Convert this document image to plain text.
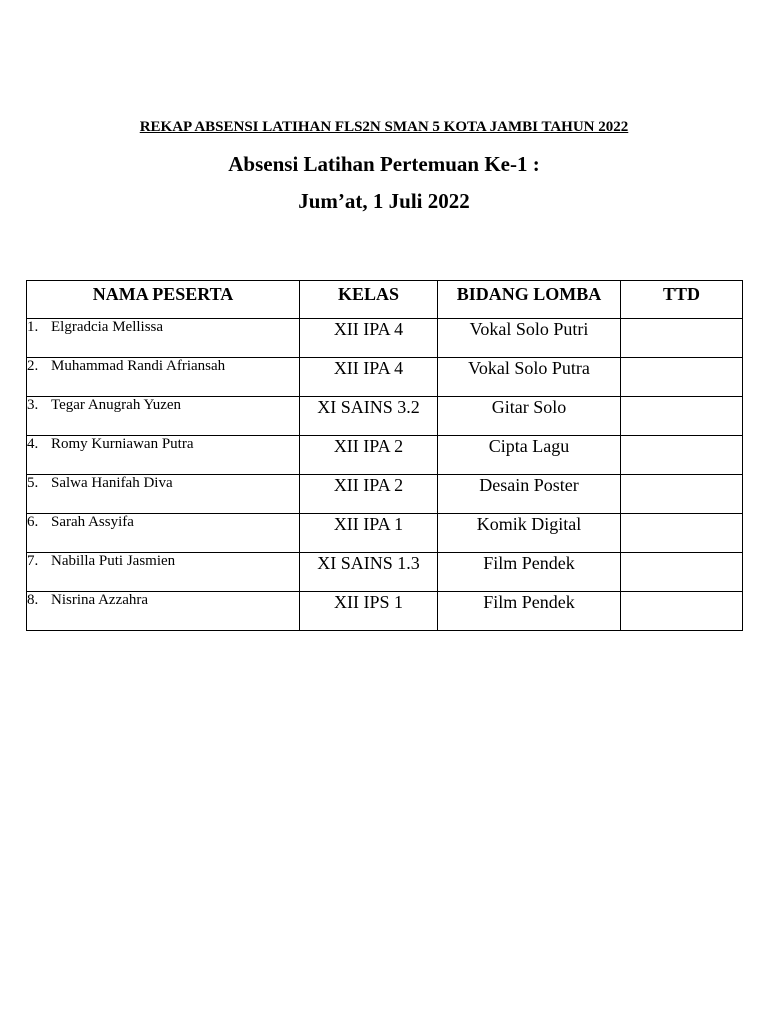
REKAP ABSENSI LATIHAN FLS2N SMAN 5 KOTA JAMBI TAHUN 2022
Absensi Latihan Pertemuan Ke-1 :
Jum’at, 1 Juli 2022
NAMA PESERTA	KELAS	BIDANG LOMBA	TTD
1. Elgradcia Mellissa	XII IPA 4	Vokal Solo Putri	
2. Muhammad Randi Afriansah	XII IPA 4	Vokal Solo Putra	
3. Tegar Anugrah Yuzen	XI SAINS 3.2	Gitar Solo	
4. Romy Kurniawan Putra	XII IPA 2	Cipta Lagu	
5. Salwa Hanifah Diva	XII IPA 2	Desain Poster	
6. Sarah Assyifa	XII IPA 1	Komik Digital	
7. Nabilla Puti Jasmien	XI SAINS 1.3	Film Pendek	
8. Nisrina Azzahra	XII IPS 1	Film Pendek	
